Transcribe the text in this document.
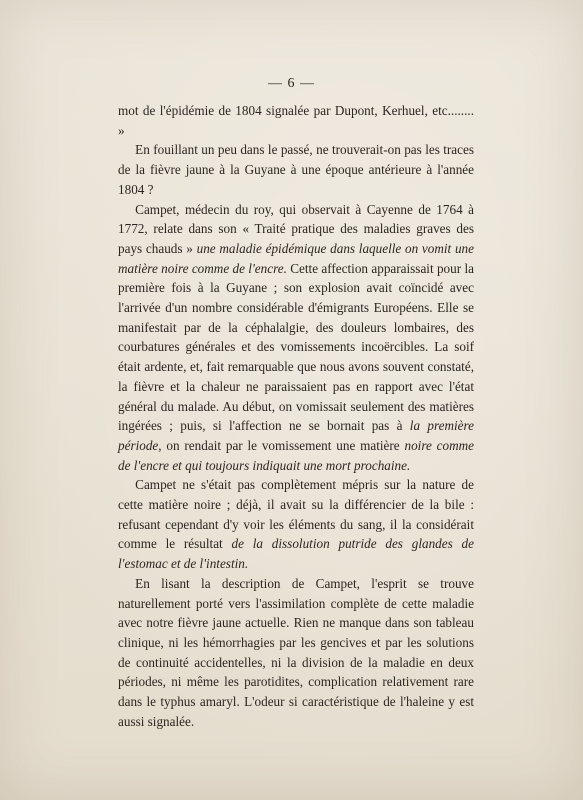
— 6 —

mot de l'épidémie de 1804 signalée par Dupont, Kerhuel, etc........ »

En fouillant un peu dans le passé, ne trouverait-on pas les traces de la fièvre jaune à la Guyane à une époque antérieure à l'année 1804 ?

Campet, médecin du roy, qui observait à Cayenne de 1764 à 1772, relate dans son « Traité pratique des maladies graves des pays chauds » une maladie épidémique dans laquelle on vomit une matière noire comme de l'encre. Cette affection apparaissait pour la première fois à la Guyane ; son explosion avait coïncidé avec l'arrivée d'un nombre considérable d'émigrants Européens. Elle se manifestait par de la céphalalgie, des douleurs lombaires, des courbatures générales et des vomissements incoërcibles. La soif était ardente, et, fait remarquable que nous avons souvent constaté, la fièvre et la chaleur ne paraissaient pas en rapport avec l'état général du malade. Au début, on vomissait seulement des matières ingérées ; puis, si l'affection ne se bornait pas à la première période, on rendait par le vomissement une matière noire comme de l'encre et qui toujours indiquait une mort prochaine.

Campet ne s'était pas complètement mépris sur la nature de cette matière noire ; déjà, il avait su la différencier de la bile : refusant cependant d'y voir les éléments du sang, il la considérait comme le résultat de la dissolution putride des glandes de l'estomac et de l'intestin.

En lisant la description de Campet, l'esprit se trouve naturellement porté vers l'assimilation complète de cette maladie avec notre fièvre jaune actuelle. Rien ne manque dans son tableau clinique, ni les hémorrhagies par les gencives et par les solutions de continuité accidentelles, ni la division de la maladie en deux périodes, ni même les parotidites, complication relativement rare dans le typhus amaryl. L'odeur si caractéristique de l'haleine y est aussi signalée.
